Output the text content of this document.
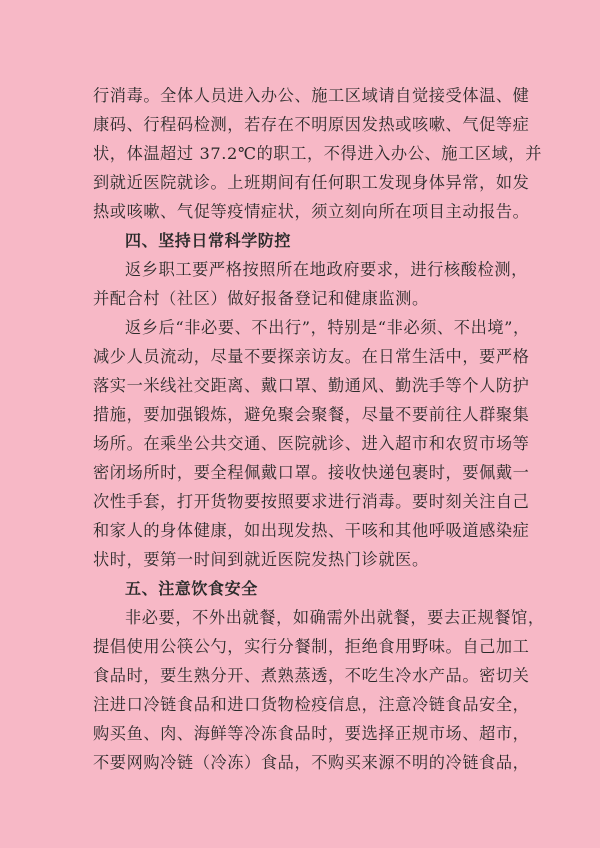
行消毒。全体人员进入办公、施工区域请自觉接受体温、健
康码、行程码检测，若存在不明原因发热或咳嗽、气促等症
状，体温超过 37.2℃的职工，不得进入办公、施工区域，并
到就近医院就诊。上班期间有任何职工发现身体异常，如发
热或咳嗽、气促等疫情症状，须立刻向所在项目主动报告。

四、坚持日常科学防控

返乡职工要严格按照所在地政府要求，进行核酸检测，
并配合村（社区）做好报备登记和健康监测。

返乡后“非必要、不出行”，特别是“非必须、不出境”，
减少人员流动，尽量不要探亲访友。在日常生活中，要严格
落实一米线社交距离、戴口罩、勤通风、勤洗手等个人防护
措施，要加强锻炼，避免聚会聚餐，尽量不要前往人群聚集
场所。在乘坐公共交通、医院就诊、进入超市和农贸市场等
密闭场所时，要全程佩戴口罩。接收快递包裹时，要佩戴一
次性手套，打开货物要按照要求进行消毒。要时刻关注自己
和家人的身体健康，如出现发热、干咳和其他呼吸道感染症
状时，要第一时间到就近医院发热门诊就医。

五、注意饮食安全

非必要，不外出就餐，如确需外出就餐，要去正规餐馆，
提倡使用公筷公勺，实行分餐制，拒绝食用野味。自己加工
食品时，要生熟分开、煮熟蒸透，不吃生冷水产品。密切关
注进口冷链食品和进口货物检疫信息，注意冷链食品安全，
购买鱼、肉、海鲜等冷冻食品时，要选择正规市场、超市，
不要网购冷链（冷冻）食品，不购买来源不明的冷链食品，
